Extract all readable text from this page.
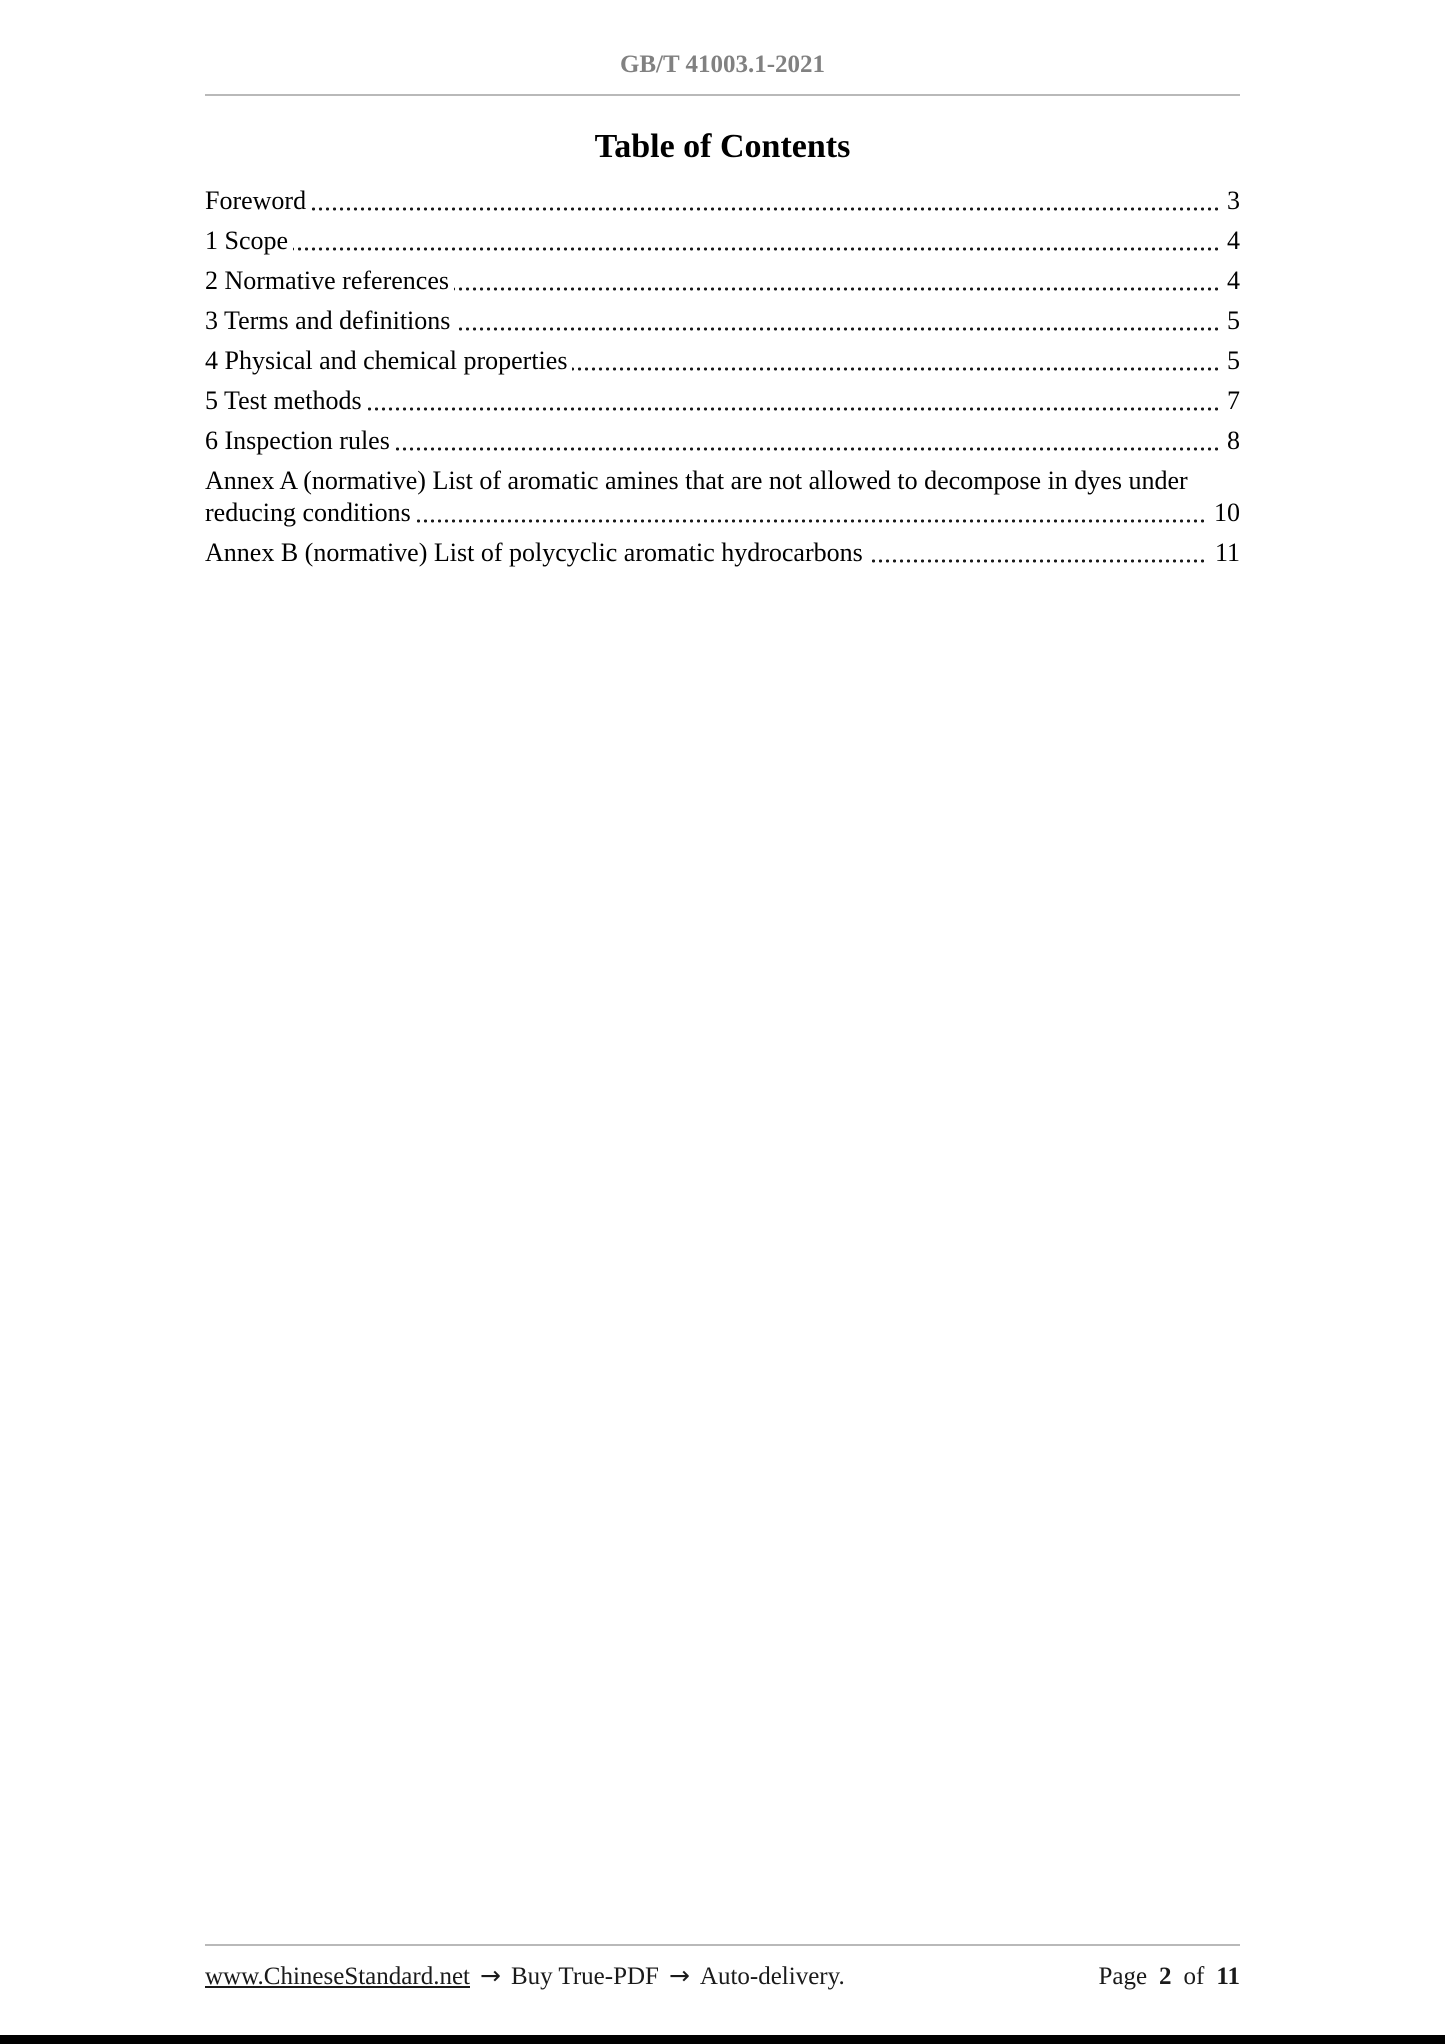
GB/T 41003.1-2021
Table of Contents
Foreword	3
1 Scope	4
2 Normative references	4
3 Terms and definitions	5
4 Physical and chemical properties	5
5 Test methods	7
6 Inspection rules	8
Annex A (normative) List of aromatic amines that are not allowed to decompose in dyes under reducing conditions	10
Annex B (normative) List of polycyclic aromatic hydrocarbons	11
www.ChineseStandard.net → Buy True-PDF → Auto-delivery.	Page 2 of 11
